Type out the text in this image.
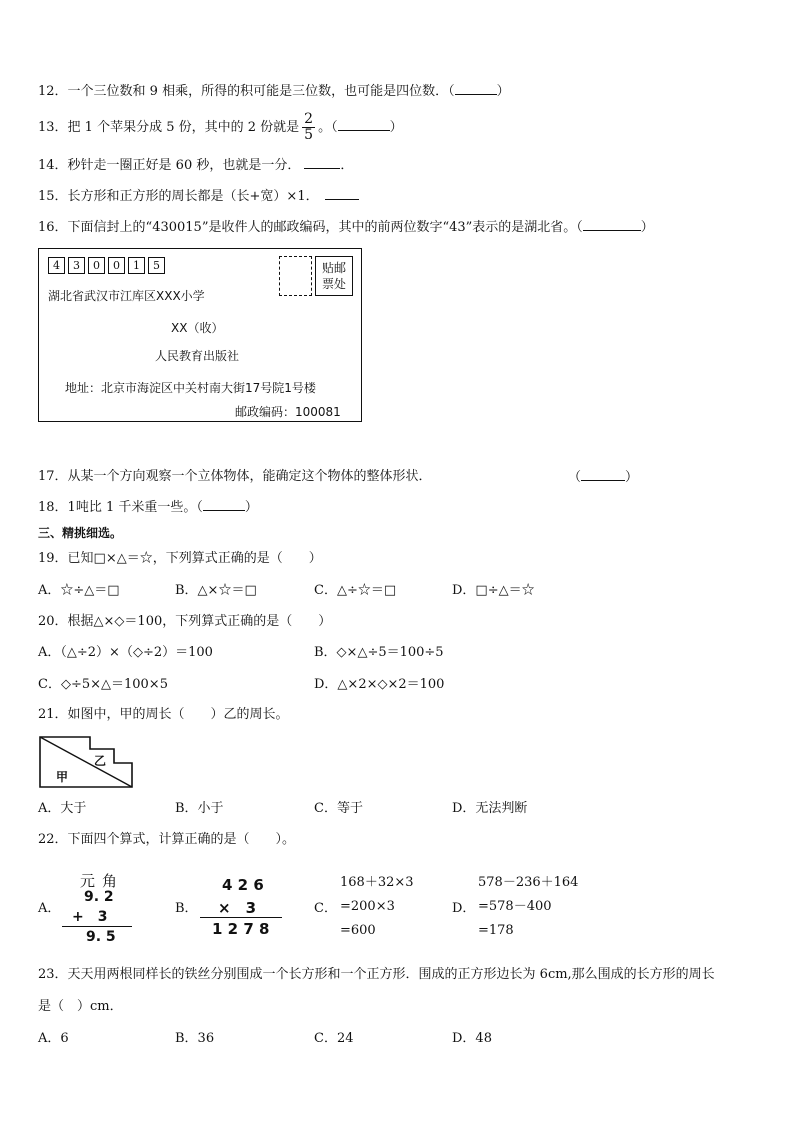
12．一个三位数和 9 相乘，所得的积可能是三位数，也可能是四位数．（	）
13．把 1 个苹果分成 5 份，其中的 2 份就是 $\frac{2}{5}$ 。（	）
14．秒针走一圈正好是 60 秒，也就是一分．	．
15．长方形和正方形的周长都是（长+宽）×1．
16．下面信封上的“430015”是收件人的邮政编码，其中的前两位数字“43”表示的是湖北省。（	）
4	3	0	0	1	5	贴邮
票处
湖北省武汉市江库区XXX小学
XX（收）
人民教育出版社
地址：北京市海淀区中关村南大街17号院1号楼
邮政编码：100081
17．从某一个方向观察一个立体物体，能确定这个物体的整体形状．	（	）
18．1吨比 1 千米重一些。（	）
三、精挑细选。
19．已知□×△＝☆，下列算式正确的是（　　）
A．☆÷△＝□	B．△×☆＝□	C．△÷☆＝□	D．□÷△＝☆
20．根据△×◇＝100，下列算式正确的是（　　）
A．（△÷2）×（◇÷2）＝100	B．◇×△÷5＝100÷5
C．◇÷5×△＝100×5	D．△×2×◇×2＝100
21．如图中，甲的周长（　　）乙的周长。
甲
乙
A．大于	B．小于	C．等于	D．无法判断
22．下面四个算式，计算正确的是（　　）。
A．
元 角
9. 2
+　3
9. 5
B．
4 2 6
×　3
1 2 7 8
C．
168＋32×3
=200×3
=600
D．
578－236＋164
=578－400
=178
23．天天用两根同样长的铁丝分别围成一个长方形和一个正方形．围成的正方形边长为 6cm,那么围成的长方形的周长
是（　）cm．
A．6	B．36	C．24	D．48
